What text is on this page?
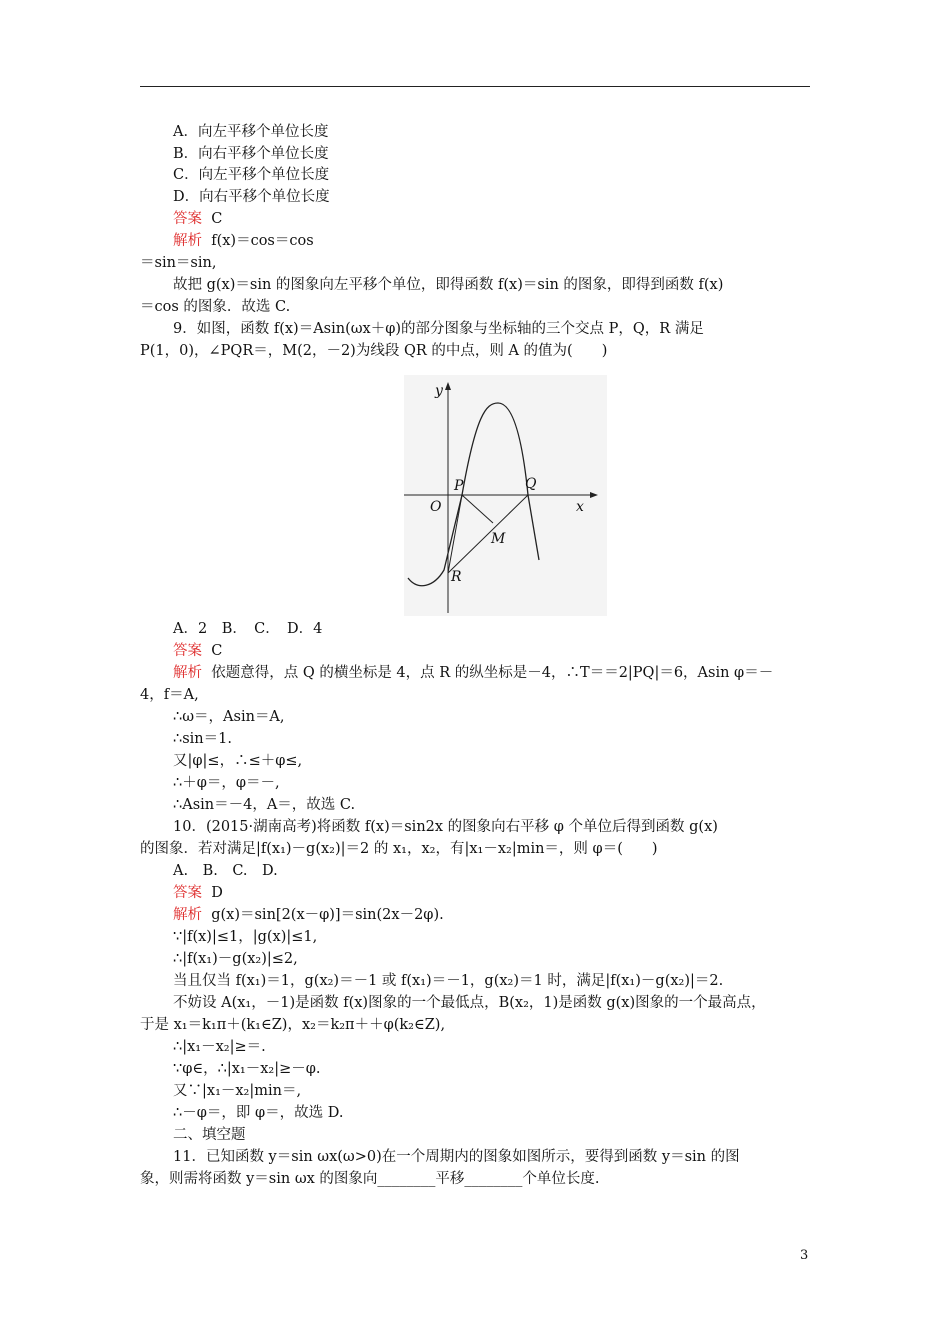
A．向左平移个单位长度
B．向右平移个单位长度
C．向左平移个单位长度
D．向右平移个单位长度
答案 C
解析 f(x)＝cos＝cos
＝sin＝sin,
故把 g(x)＝sin 的图象向左平移个单位，即得函数 f(x)＝sin 的图象，即得到函数 f(x)
＝cos 的图象．故选 C.
9．如图，函数 f(x)＝Asin(ωx＋φ)的部分图象与坐标轴的三个交点 P，Q，R 满足
P(1，0)，∠PQR＝，M(2，－2)为线段 QR 的中点，则 A 的值为(　　)
y
x
O
P	Q
M
R
A．2　B．　C．　D．4
答案 C
解析 依题意得，点 Q 的横坐标是 4，点 R 的纵坐标是－4，∴T＝＝2|PQ|＝6，Asin φ＝－
4，f＝A,
∴ω＝，Asin＝A,
∴sin＝1.
又|φ|≤，∴≤＋φ≤,
∴＋φ＝，φ＝－,
∴Asin＝－4，A＝，故选 C.
10．(2015·湖南高考)将函数 f(x)＝sin2x 的图象向右平移 φ 个单位后得到函数 g(x)
的图象．若对满足|f(x₁)－g(x₂)|＝2 的 x₁，x₂，有|x₁－x₂|min＝，则 φ＝(　　)
A.　B.　C.　D.
答案 D
解析 g(x)＝sin[2(x－φ)]＝sin(2x－2φ).
∵|f(x)|≤1，|g(x)|≤1,
∴|f(x₁)－g(x₂)|≤2,
当且仅当 f(x₁)＝1，g(x₂)＝－1 或 f(x₁)＝－1，g(x₂)＝1 时，满足|f(x₁)－g(x₂)|＝2.
不妨设 A(x₁，－1)是函数 f(x)图象的一个最低点，B(x₂，1)是函数 g(x)图象的一个最高点，
于是 x₁＝k₁π＋(k₁∈Z)，x₂＝k₂π＋＋φ(k₂∈Z),
∴|x₁－x₂|≥＝.
∵φ∈，∴|x₁－x₂|≥－φ.
又∵|x₁－x₂|min＝,
∴－φ＝，即 φ＝，故选 D.
二、填空题
11．已知函数 y＝sin ωx(ω>0)在一个周期内的图象如图所示，要得到函数 y＝sin 的图
象，则需将函数 y＝sin ωx 的图象向________平移________个单位长度.
3
